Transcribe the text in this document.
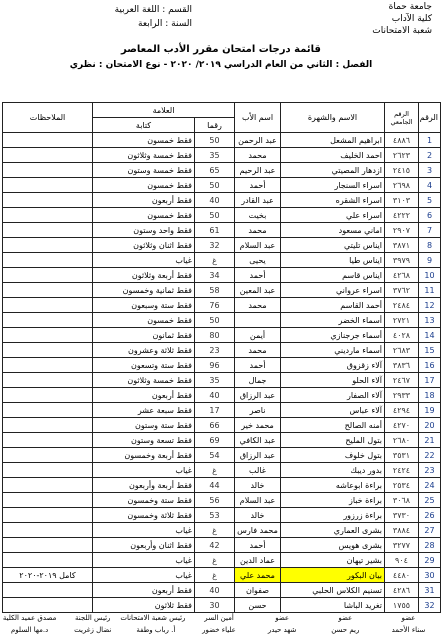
جامعة حماة
كلية الآداب
شعبة الامتحانات
القسم : اللغة العربية
السنة : الرابعة
قائمة درجات امتحان مقرر الأدب المعاصر
الفصل : الثاني من العام الدراسي ٢٠١٩/ ٢٠٢٠ - نوع الامتحان : نظري
الرقم	الرقم الجامعي	الاسم والشهرة	اسم الأب	العلامة		الملاحظات
				رقما	كتابة	
1	٤٨٨٦	ابراهيم المشعل	عبد الرحمن	50	فقط خمسون	
2	٢٦٢٣	احمد الخليف	محمد	35	فقط خمسة وثلاثون	
3	٢٤١٥	ازدهار المصيتي	عبد الرحيم	65	فقط خمسة وستون	
4	٢٦٩٨	اسراء السنجار	أحمد	50	فقط خمسون	
5	٣١٠٣	اسراء الشقره	عبد القادر	40	فقط أربعون	
6	٤٢٢٢	اسراء علي	بخيت	50	فقط خمسون	
7	٢٩٠٧	اماني مسعود	محمد	61	فقط واحد وستون	
8	٣٨٧١	ايناس تليتي	عبد السلام	32	فقط اثنان وثلاثون	
9	٣٩٧٩	ايناس طيا	يحيى	غ	غياب	
10	٤٢٦٨	ايناس قاسم	أحمد	34	فقط أربعة وثلاثون	
11	٣٧٦٢	اسراء عرواني	عبد المعين	58	فقط ثمانية وخمسون	
12	٢٤٨٤	أحمد القاسم	محمد	76	فقط ستة وسبعون	
13	٢٧٢١	أسماء الخضر		50	فقط خمسون	
14	٤٠٢٨	أسماء جرجنازي	أيمن	80	فقط ثمانون	
15	٢٦٨٣	أسماء مارديني	محمد	23	فقط ثلاثة وعشرون	
16	٣٨٣٦	آلاء زقزوق	أحمد	96	فقط ستة وتسعون	
17	٢٤٦٧	آلاء الحلو	جمال	35	فقط خمسة وثلاثون	
18	٢٩٣٣	آلاء الصفار	عبد الرزاق	40	فقط أربعون	
19	٤٢٩٤	آلاء عباس	ناصر	17	فقط سبعة عشر	
20	٤٢٧٠	أمنه الصالح	محمد خير	66	فقط ستة وستون	
21	٢٦٨٠	بتول المليح	عبد الكافي	69	فقط تسعة وستون	
22	٣٥٣١	بتول خلوف	عبد الرزاق	54	فقط أربعة وخمسون	
23	٢٤٢٤	بدور ديبك	غالب	غ	غياب	
24	٢٥٣٤	براءة ابوعاشه	خالد	44	فقط أربعة وأربعون	
25	٣٠٦٨	براءة خباز	عبد السلام	56	فقط ستة وخمسون	
26	٣٧٣٠	براءة زرزور	خالد	53	فقط ثلاثة وخمسون	
27	٣٨٨٤	بشرى العماري	محمد فارس	غ	غياب	
28	٣٢٧٧	بشرى هويس	أحمد	42	فقط اثنان وأربعون	
29	٩٠٤	بشير تيهان	عماد الدين	غ	غياب	
30	٤٤٨٠	بيان البكور	محمد علي	غ	غياب	كامل ٢٠١٩-٢٠٢٠
31	٤٢٨٦	تسنيم الكلاس الحلبي	صفوان	40	فقط أربعون	
32	١٧٥٥	تغريد الباشا	حسن	30	فقط ثلاثون	
عضو
سناء الأحمد
عضو
ريم حسن
عضو
شهد حيدر
أمين السر
علياء خضور
رئيس شعبة الامتحانات
أ. رباب وطفة
رئيس اللجنة
نضال زغريت
مصدق عميد الكلية
د.مها السلوم
